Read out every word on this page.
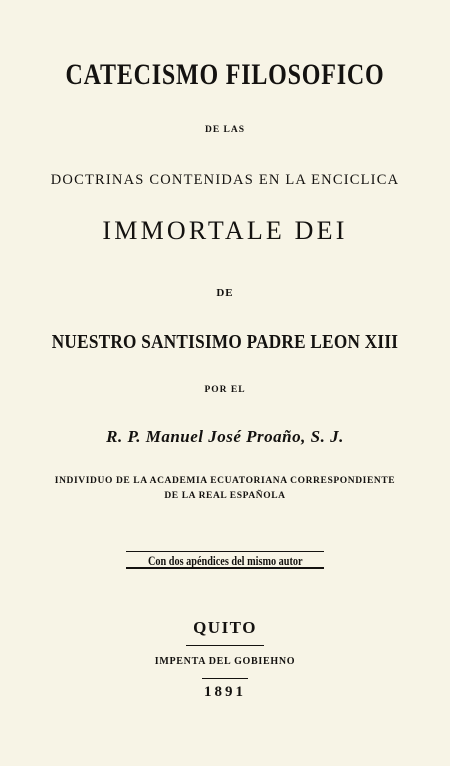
CATECISMO FILOSOFICO
DE LAS
DOCTRINAS CONTENIDAS EN LA ENCICLICA
IMMORTALE DEI
DE
NUESTRO SANTISIMO PADRE LEON XIII
POR EL
R. P. Manuel José Proaño, S. J.
INDIVIDUO DE LA ACADEMIA ECUATORIANA CORRESPONDIENTE
DE LA REAL ESPAÑOLA
Con dos apéndices del mismo autor
QUITO
IMPENTA DEL GOBIEHNO
1891
